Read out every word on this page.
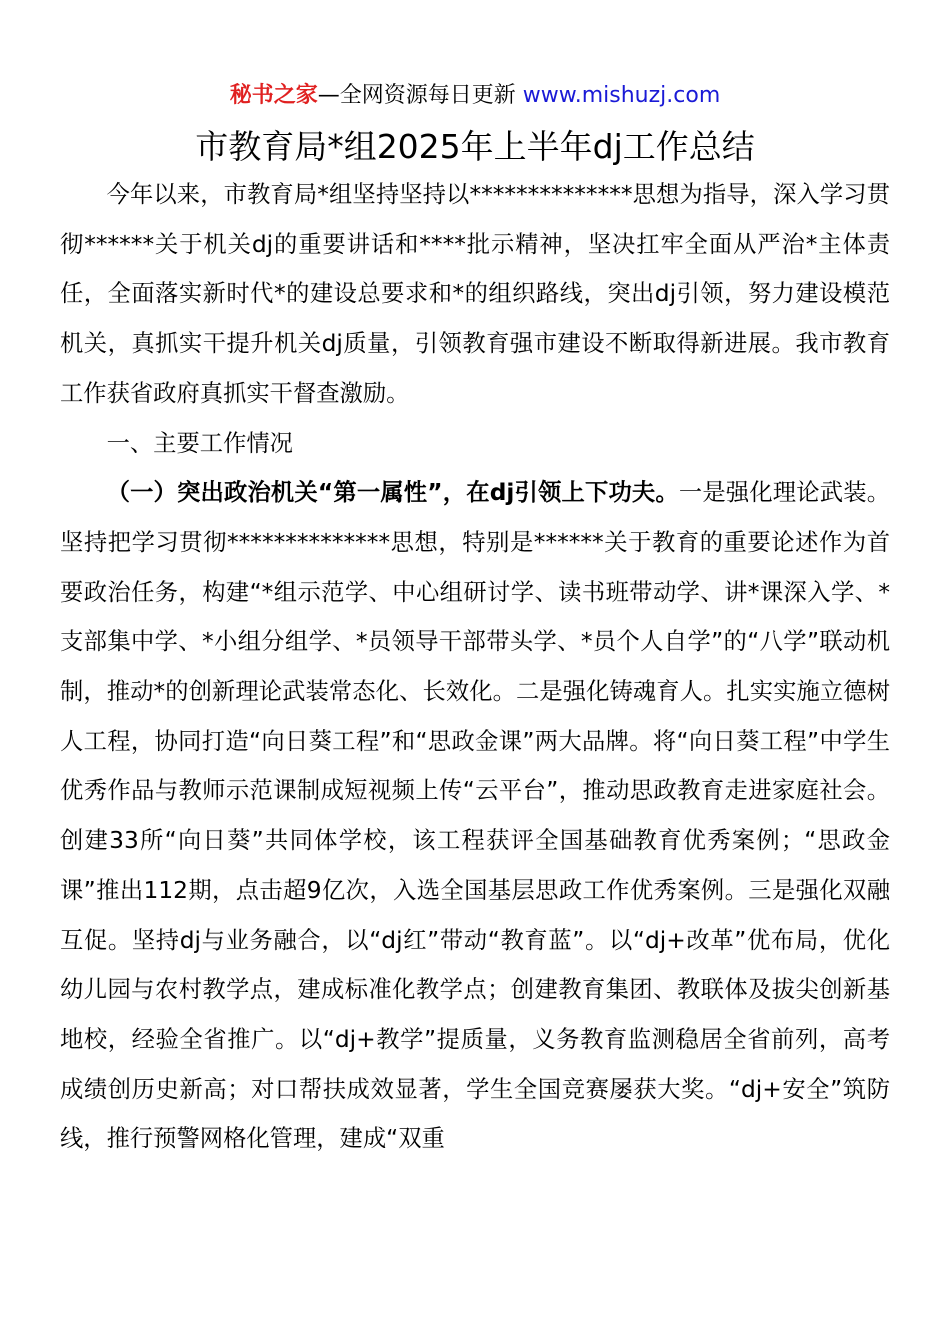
秘书之家—全网资源每日更新 www.mishuzj.com
市教育局*组2025年上半年dj工作总结

今年以来，市教育局*组坚持坚持以**************思想为指导，深入学习贯彻******关于机关dj的重要讲话和****批示精神，坚决扛牢全面从严治*主体责任，全面落实新时代*的建设总要求和*的组织路线，突出dj引领，努力建设模范机关，真抓实干提升机关dj质量，引领教育强市建设不断取得新进展。我市教育工作获省政府真抓实干督查激励。

一、主要工作情况

（一）突出政治机关“第一属性”，在dj引领上下功夫。一是强化理论武装。坚持把学习贯彻**************思想，特别是******关于教育的重要论述作为首要政治任务，构建“*组示范学、中心组研讨学、读书班带动学、讲*课深入学、*支部集中学、*小组分组学、*员领导干部带头学、*员个人自学”的“八学”联动机制，推动*的创新理论武装常态化、长效化。二是强化铸魂育人。扎实实施立德树人工程，协同打造“向日葵工程”和“思政金课”两大品牌。将“向日葵工程”中学生优秀作品与教师示范课制成短视频上传“云平台”，推动思政教育走进家庭社会。创建33所“向日葵”共同体学校，该工程获评全国基础教育优秀案例；“思政金课”推出112期，点击超9亿次，入选全国基层思政工作优秀案例。三是强化双融互促。坚持dj与业务融合，以“dj红”带动“教育蓝”。以“dj+改革”优布局，优化幼儿园与农村教学点，建成标准化教学点；创建教育集团、教联体及拔尖创新基地校，经验全省推广。以“dj+教学”提质量，义务教育监测稳居全省前列，高考成绩创历史新高；对口帮扶成效显著，学生全国竞赛屡获大奖。“dj+安全”筑防线，推行预警网格化管理，建成“双重
